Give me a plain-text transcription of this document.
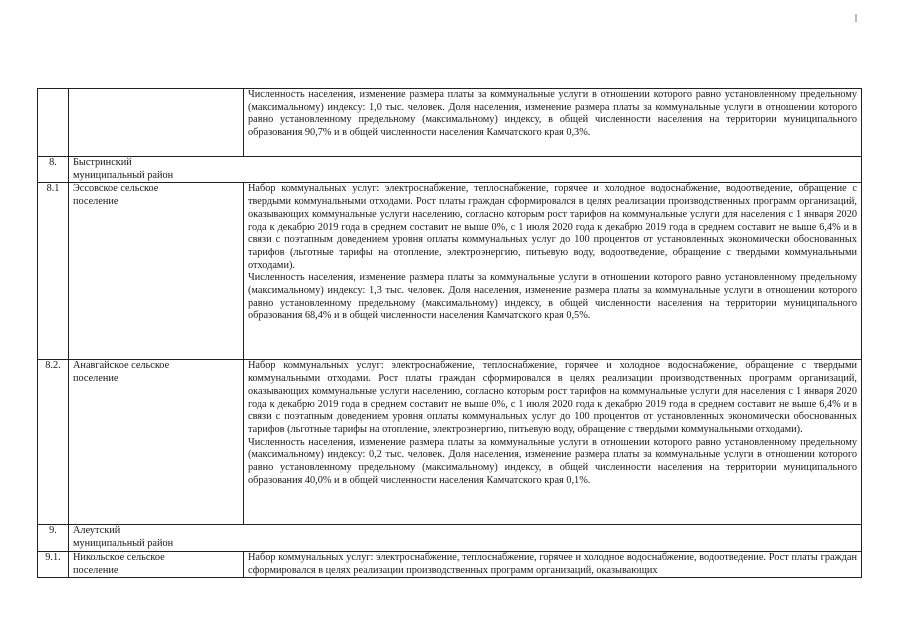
		Численность населения, изменение размера платы за коммунальные услуги в отношении которого равно установленному предельному (максимальному) индексу: 1,0 тыс. человек. Доля населения, изменение размера платы за коммунальные услуги в отношении которого равно установленному предельному (максимальному) индексу, в общей численности населения на территории муниципального образования 90,7% и в общей численности населения Камчатского края 0,3%.

8.	Быстринский муниципальный район	

8.1	Эссовское сельское поселение	Набор коммунальных услуг: электроснабжение, теплоснабжение, горячее и холодное водоснабжение, водоотведение, обращение с твердыми коммунальными отходами. Рост платы граждан сформировался в целях реализации производственных программ организаций, оказывающих коммунальные услуги населению, согласно которым рост тарифов на коммунальные услуги для населения с 1 января 2020 года к декабрю 2019 года в среднем составит не выше 0%, с 1 июля 2020 года к декабрю 2019 года в среднем составит не выше 6,4% и в связи с поэтапным доведением уровня оплаты коммунальных услуг до 100 процентов от установленных экономически обоснованных тарифов (льготные тарифы на отопление, электроэнергию, питьевую воду, водоотведение, обращение с твердыми коммунальными отходами).

Численность населения, изменение размера платы за коммунальные услуги в отношении которого равно установленному предельному (максимальному) индексу: 1,3 тыс. человек. Доля населения, изменение размера платы за коммунальные услуги в отношении которого равно установленному предельному (максимальному) индексу, в общей численности населения на территории муниципального образования 68,4% и в общей численности населения Камчатского края 0,5%.

8.2.	Анавгайское сельское поселение	Набор коммунальных услуг: электроснабжение, теплоснабжение, горячее и холодное водоснабжение, обращение с твердыми коммунальными отходами. Рост платы граждан сформировался в целях реализации производственных программ организаций, оказывающих коммунальные услуги населению, согласно которым рост тарифов на коммунальные услуги для населения с 1 января 2020 года к декабрю 2019 года в среднем составит не выше 0%, с 1 июля 2020 года к декабрю 2019 года в среднем составит не выше 6,4% и в связи с поэтапным доведением уровня оплаты коммунальных услуг до 100 процентов от установленных экономически обоснованных тарифов (льготные тарифы на отопление, электроэнергию, питьевую воду, обращение с твердыми коммунальными отходами).

Численность населения, изменение размера платы за коммунальные услуги в отношении которого равно установленному предельному (максимальному) индексу: 0,2 тыс. человек. Доля населения, изменение размера платы за коммунальные услуги в отношении которого равно установленному предельному (максимальному) индексу, в общей численности населения на территории муниципального образования 40,0% и в общей численности населения Камчатского края 0,1%.

9.	Алеутский муниципальный район	

9.1.	Никольское сельское поселение	Набор коммунальных услуг: электроснабжение, теплоснабжение, горячее и холодное водоснабжение, водоотведение. Рост платы граждан сформировался в целях реализации производственных программ организаций, оказывающих
